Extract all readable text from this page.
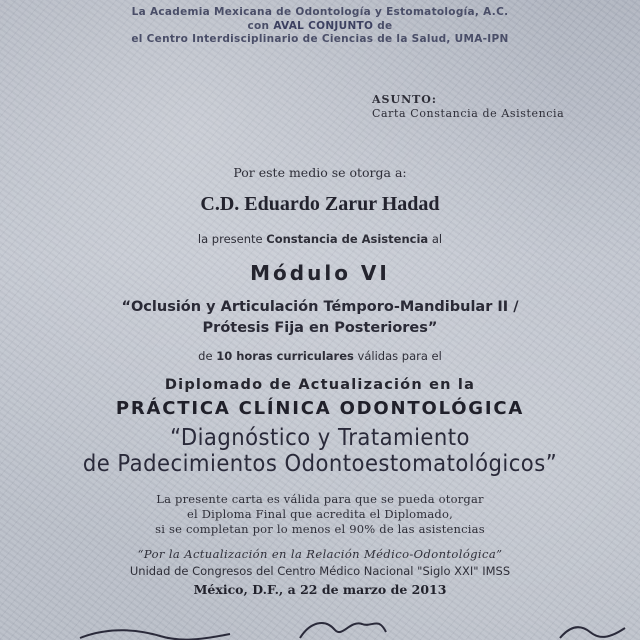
La Academia Mexicana de Odontología y Estomatología, A.C.
con AVAL CONJUNTO de
el Centro Interdisciplinario de Ciencias de la Salud, UMA-IPN
ASUNTO:
Carta Constancia de Asistencia
Por este medio se otorga a:
C.D. Eduardo Zarur Hadad
la presente Constancia de Asistencia al
Módulo VI
“Oclusión y Articulación Témporo-Mandibular II /
Prótesis Fija en Posteriores”
de 10 horas curriculares válidas para el
Diplomado de Actualización en la
PRÁCTICA CLÍNICA ODONTOLÓGICA
“Diagnóstico y Tratamiento
de Padecimientos Odontoestomatológicos”
La presente carta es válida para que se pueda otorgar
el Diploma Final que acredita el Diplomado,
si se completan por lo menos el 90% de las asistencias
“Por la Actualización en la Relación Médico-Odontológica”
Unidad de Congresos del Centro Médico Nacional "Siglo XXI" IMSS
México, D.F., a 22 de marzo de 2013
